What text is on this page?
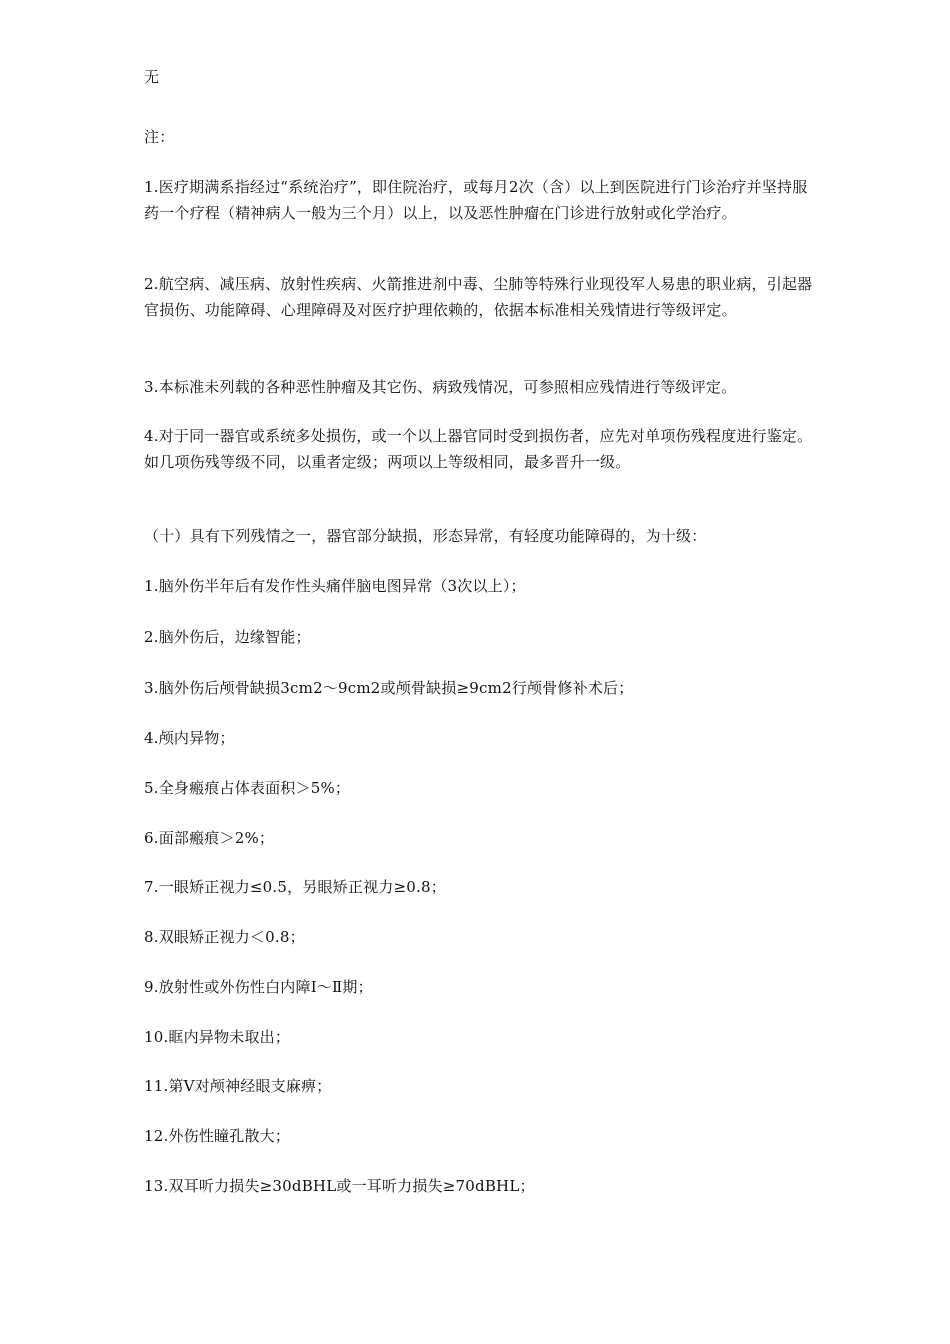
无

注：

1.医疗期满系指经过“系统治疗”，即住院治疗，或每月2次（含）以上到医院进行门诊治疗并坚持服药一个疗程（精神病人一般为三个月）以上，以及恶性肿瘤在门诊进行放射或化学治疗。

2.航空病、减压病、放射性疾病、火箭推进剂中毒、尘肺等特殊行业现役军人易患的职业病，引起器官损伤、功能障碍、心理障碍及对医疗护理依赖的，依据本标准相关残情进行等级评定。

3.本标准未列载的各种恶性肿瘤及其它伤、病致残情况，可参照相应残情进行等级评定。

4.对于同一器官或系统多处损伤，或一个以上器官同时受到损伤者，应先对单项伤残程度进行鉴定。如几项伤残等级不同，以重者定级；两项以上等级相同，最多晋升一级。

（十）具有下列残情之一，器官部分缺损，形态异常，有轻度功能障碍的，为十级：

1.脑外伤半年后有发作性头痛伴脑电图异常（3次以上）；

2.脑外伤后，边缘智能；

3.脑外伤后颅骨缺损3cm2～9cm2或颅骨缺损≥9cm2行颅骨修补术后；

4.颅内异物；

5.全身瘢痕占体表面积＞5%；

6.面部瘢痕＞2%；

7.一眼矫正视力≤0.5，另眼矫正视力≥0.8；

8.双眼矫正视力＜0.8；

9.放射性或外伤性白内障Ⅰ～Ⅱ期；

10.眶内异物未取出；

11.第Ⅴ对颅神经眼支麻痹；

12.外伤性瞳孔散大；

13.双耳听力损失≥30dBHL或一耳听力损失≥70dBHL；
